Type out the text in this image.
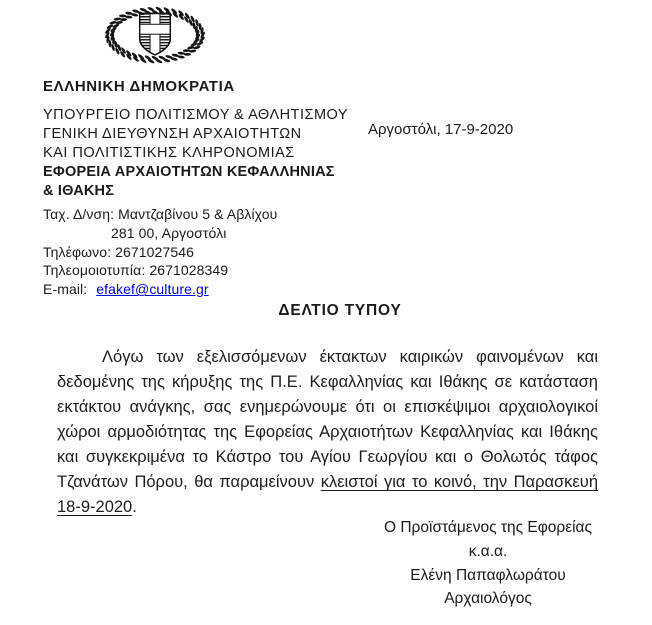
ΕΛΛΗΝΙΚΗ ΔΗΜΟΚΡΑΤΙΑ
ΥΠΟΥΡΓΕΙΟ ΠΟΛΙΤΙΣΜΟΥ & ΑΘΛΗΤΙΣΜΟΥ
ΓΕΝΙΚΗ ΔΙΕΥΘΥΝΣΗ ΑΡΧΑΙΟΤΗΤΩΝ
ΚΑΙ ΠΟΛΙΤΙΣΤΙΚΗΣ ΚΛΗΡΟΝΟΜΙΑΣ
ΕΦΟΡΕΙΑ ΑΡΧΑΙΟΤΗΤΩΝ ΚΕΦΑΛΛΗΝΙΑΣ
& ΙΘΑΚΗΣ
Ταχ. Δ/νση: Μαντζαβίνου 5 & Αβλίχου
281 00, Αργοστόλι
Τηλέφωνο: 2671027546
Τηλεομοιοτυπία: 2671028349
E-mail: efakef@culture.gr
Αργοστόλι, 17-9-2020
ΔΕΛΤΙΟ ΤΥΠΟΥ

Λόγω των εξελισσόμενων έκτακτων καιρικών φαινομένων και δεδομένης της κήρυξης της Π.Ε. Κεφαλληνίας και Ιθάκης σε κατάσταση εκτάκτου ανάγκης, σας ενημερώνουμε ότι οι επισκέψιμοι αρχαιολογικοί χώροι αρμοδιότητας της Εφορείας Αρχαιοτήτων Κεφαλληνίας και Ιθάκης και συγκεκριμένα το Κάστρο του Αγίου Γεωργίου και ο Θολωτός τάφος Τζανάτων Πόρου, θα παραμείνουν κλειστοί για το κοινό, την Παρασκευή 18-9-2020.

Ο Προϊστάμενος της Εφορείας
κ.α.α.
Ελένη Παπαφλωράτου
Αρχαιολόγος
